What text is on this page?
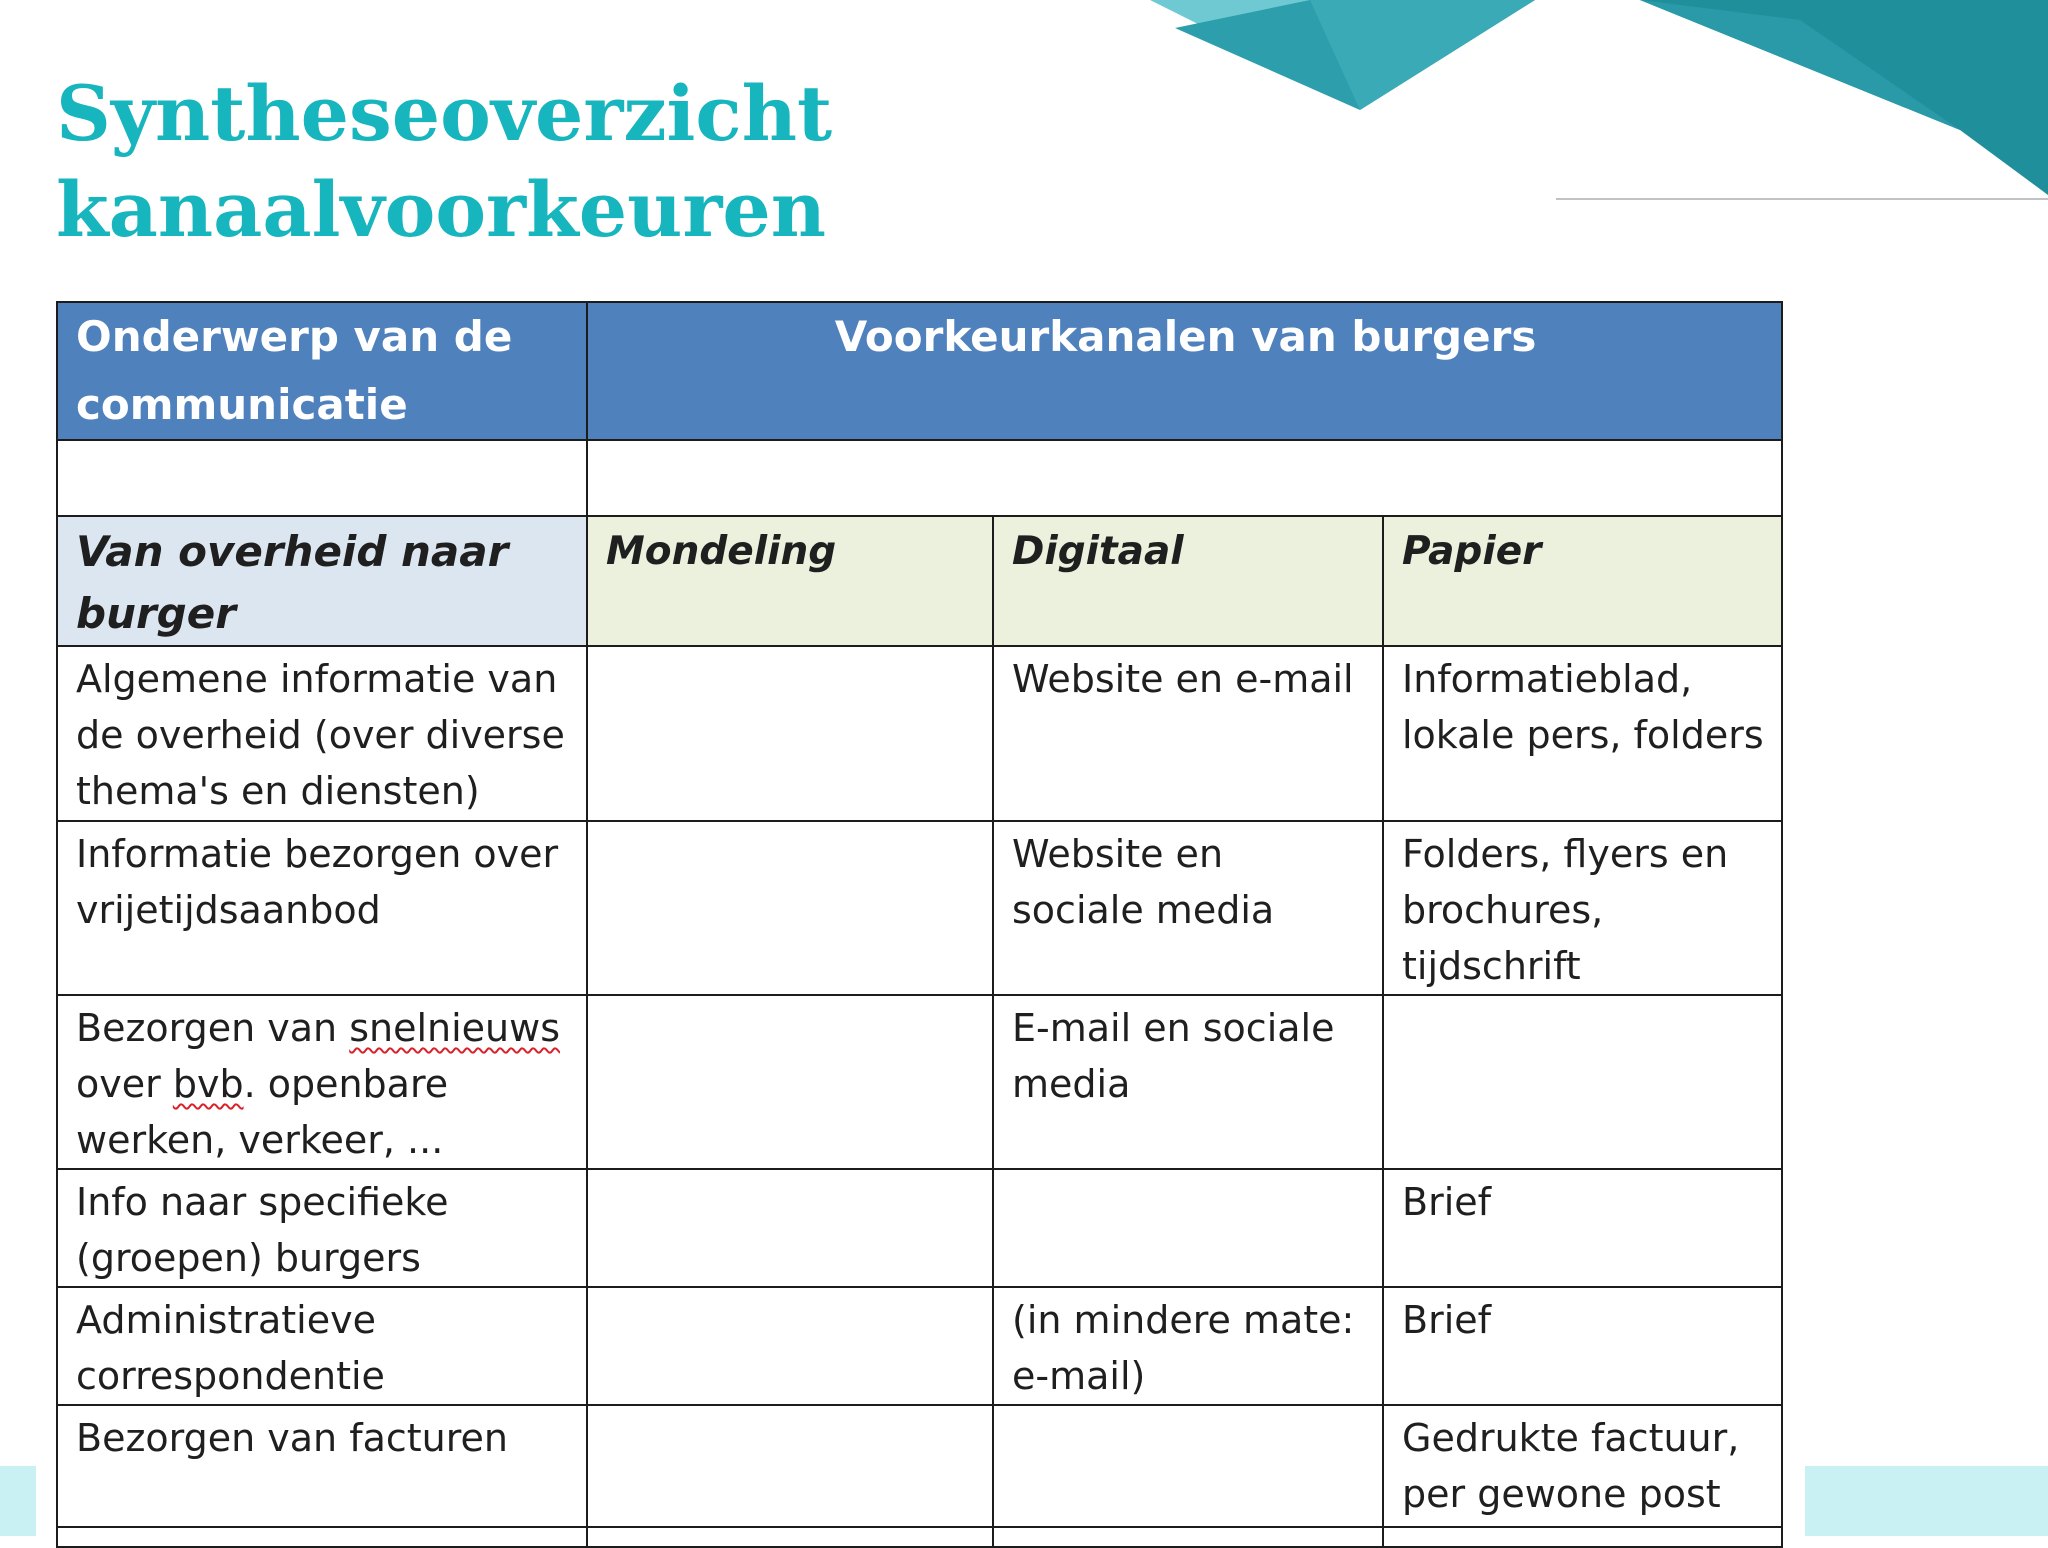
Syntheseoverzicht
kanaalvoorkeuren
Onderwerp van de communicatie	Voorkeurkanalen van burgers		

Van overheid naar burger	Mondeling	Digitaal	Papier
Algemene informatie van de overheid (over diverse thema's en diensten)		Website en e-mail	Informatieblad, lokale pers, folders
Informatie bezorgen over vrijetijdsaanbod		Website en sociale media	Folders, flyers en brochures, tijdschrift
Bezorgen van snelnieuws over bvb. openbare werken, verkeer, ...		E-mail en sociale media	
Info naar specifieke (groepen) burgers			Brief
Administratieve correspondentie		(in mindere mate: e-mail)	Brief
Bezorgen van facturen			Gedrukte factuur, per gewone post
